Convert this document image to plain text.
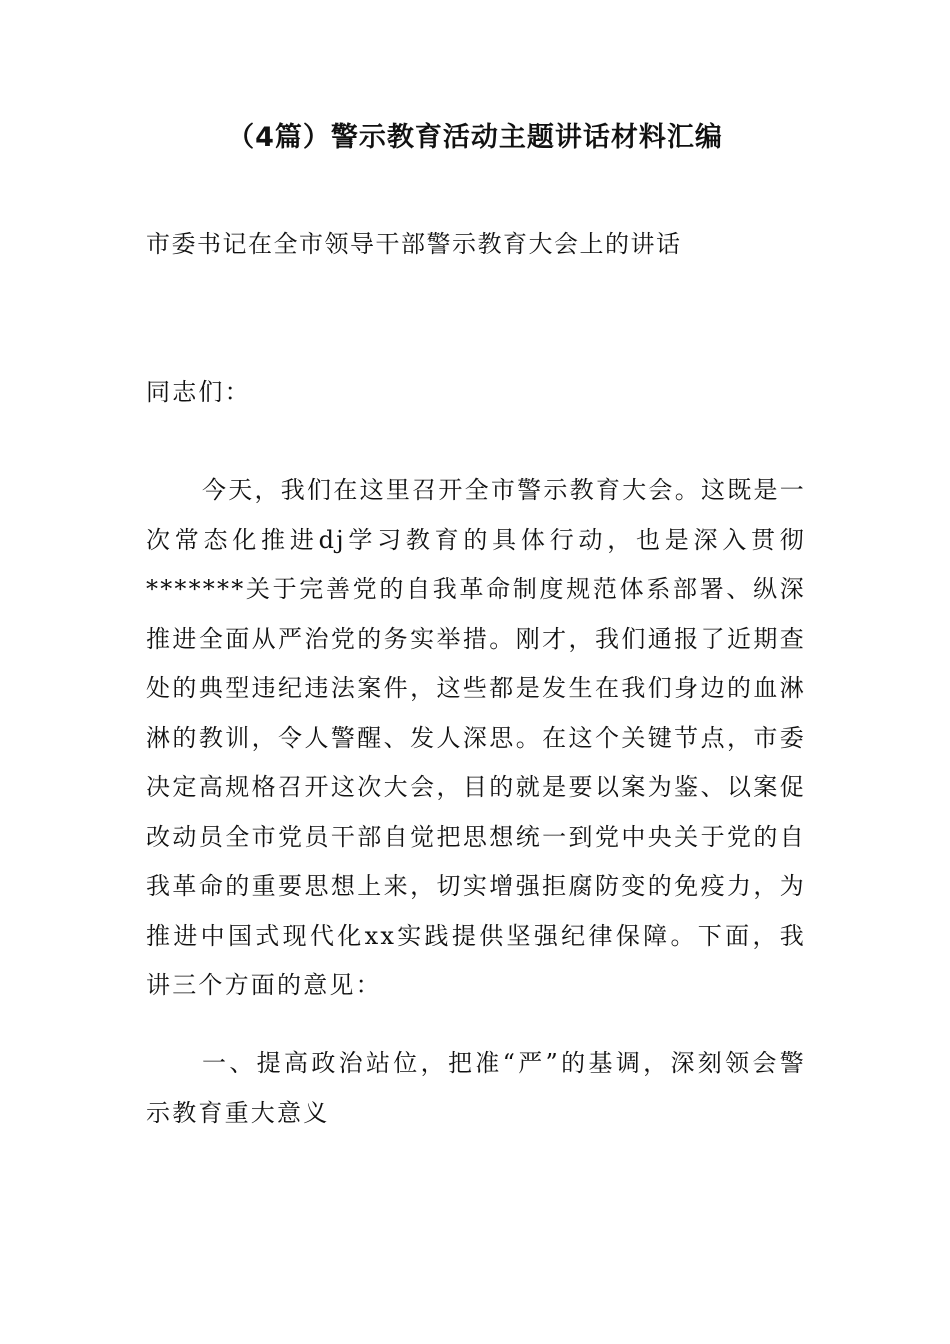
（4篇）警示教育活动主题讲话材料汇编

市委书记在全市领导干部警示教育大会上的讲话

同志们：

今天，我们在这里召开全市警示教育大会。这既是一次常态化推进dj学习教育的具体行动，也是深入贯彻*******关于完善党的自我革命制度规范体系部署、纵深推进全面从严治党的务实举措。刚才，我们通报了近期查处的典型违纪违法案件，这些都是发生在我们身边的血淋淋的教训，令人警醒、发人深思。在这个关键节点，市委决定高规格召开这次大会，目的就是要以案为鉴、以案促改动员全市党员干部自觉把思想统一到党中央关于党的自我革命的重要思想上来，切实增强拒腐防变的免疫力，为推进中国式现代化xx实践提供坚强纪律保障。下面，我讲三个方面的意见：

一、提高政治站位，把准“严”的基调，深刻领会警示教育重大意义
